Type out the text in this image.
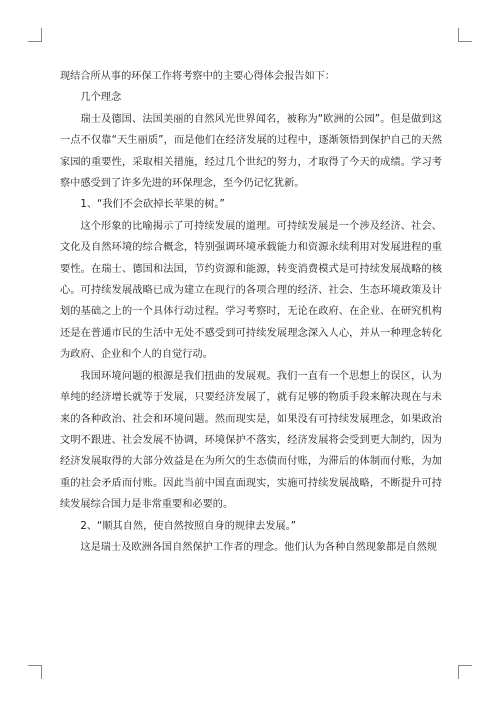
现结合所从事的环保工作将考察中的主要心得体会报告如下：

几个理念

瑞士及德国、法国美丽的自然风光世界闻名，被称为“欧洲的公园”。但是做到这一点不仅靠“天生丽质”，而是他们在经济发展的过程中，逐渐领悟到保护自己的天然家园的重要性，采取相关措施，经过几个世纪的努力，才取得了今天的成绩。学习考察中感受到了许多先进的环保理念，至今仍记忆犹新。

1、“我们不会砍掉长苹果的树。”

这个形象的比喻揭示了可持续发展的道理。可持续发展是一个涉及经济、社会、文化及自然环境的综合概念，特别强调环境承载能力和资源永续利用对发展进程的重要性。在瑞士、德国和法国，节约资源和能源，转变消费模式是可持续发展战略的核心。可持续发展战略已成为建立在现行的各项合理的经济、社会、生态环境政策及计划的基础之上的一个具体行动过程。学习考察时，无论在政府、在企业、在研究机构还是在普通市民的生活中无处不感受到可持续发展理念深入人心，并从一种理念转化为政府、企业和个人的自觉行动。

我国环境问题的根源是我们扭曲的发展观。我们一直有一个思想上的误区，认为单纯的经济增长就等于发展，只要经济发展了，就有足够的物质手段来解决现在与未来的各种政治、社会和环境问题。然而现实是，如果没有可持续发展理念，如果政治文明不跟进、社会发展不协调，环境保护不落实，经济发展将会受到更大制约，因为经济发展取得的大部分效益是在为所欠的生态债而付账，为滞后的体制而付账，为加重的社会矛盾而付账。因此当前中国直面现实，实施可持续发展战略，不断提升可持续发展综合国力是非常重要和必要的。

2、“顺其自然，使自然按照自身的规律去发展。”

这是瑞士及欧洲各国自然保护工作者的理念。他们认为各种自然现象都是自然规
